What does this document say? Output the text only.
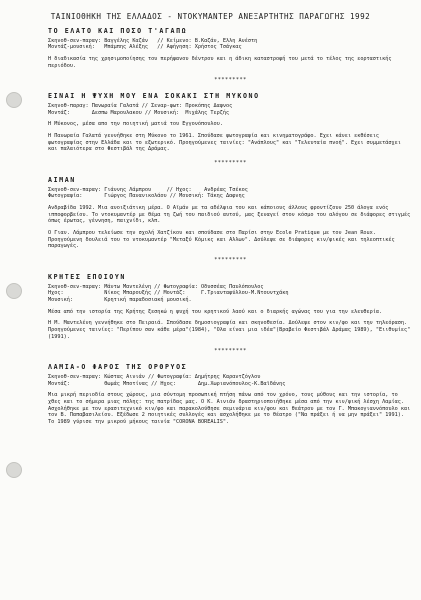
ΤΑΙΝΙΟΘΗΚΗ ΤΗΣ ΕΛΛΑΔΟΣ - ΝΤΟΚΥΜΑΝΤΕΡ ΑΝΕΞΑΡΤΗΤΗΣ ΠΑΡΑΓΩΓΗΣ 1992
ΤΟ ΕΛΑΤΟ ΚΑΙ ΠΟΣΟ Τ'ΑΓΑΠΩ
Σκηνοθ-σεν-παραγ: Βαγγέλης Καζάν   // Κείμενο: Β.Καζάν, Ελλη Ανέστη
Μοντάζ-μουσική:   Μπάμπης Αλέξης   // Αφήγηση: Χρήστος Τσάγκας
Η διαδικασία της χρησιμοποίησης του περήφανου δέντρου και η άδικη καταστροφή του μετά το τέλος της εορταστικής περιόδου.
*********
ΕΙΝΑΙ Η ΨΥΧΗ ΜΟΥ ΕΝΑ ΣΟΚΑΚΙ ΣΤΗ ΜΥΚΟΝΟ
Σκηνοθ-παραγ: Πανωραία Γαλατά // Σεναρ-φωτ: Προκόπης Δαφνος
Μοντάζ:       Δεσπω Μαρουλακου // Μουσική:  Μιχάλης Τερζής
Η Μύκονος, μέσα απο την ποιητική ματιά του Εγγονόπουλου.
Η Πανωραία Γαλατά γεννήθηκε στη Μύκονο το 1961. Σπούδασε φωτογραφία και κινηματογράφο. Εχει κάνει εκθέσεις φωτογραφίας στην Ελλάδα και το εξωτερικό. Προηγούμενες ταινίες: "Ανάπλους" και "Τελευταία πνοή". Εχει συμμετάσχει και παλαιότερα στο Φεστιβάλ της Δράμας.
*********
ΑΙΜΑΝ
Σκηνοθ-σεν-παραγ: Γιάννης Λάμπρου     // Ηχος:    Ανδρέας Τσέκος
Φωτογραφία:       Γιώργος Πανανικολάου // Μουσική: Τάκης Δαφνης
Ανδραβίδα 1992. Μια ανοιξιάτικη μέρα. Ο Αϊμάν με τα αδέλφια του και κάποιους άλλους φροντίζουν 250 άλογα ενός ιπποφορβείου. Το ντοκυμαντέρ με θέμα τη ζωή του παιδιού αυτού, μας ξεναγεί στον κόσμο του αλόγου σε διάφορες στιγμές όπως έρωτας, γέννηση, παιχνίδι, κλπ.
Ο Γιαν. Λάμπρου τελείωσε την σχολή Χατζίκου και σπούδασε στο Παρίσι στην Ecole Pratique με τον Jean Roux. Προηγούμενη δουλειά του το ντοκυμαντέρ "Μεταξύ Κόμικς και Αλλων". Δούλεψε σε διάφορες κιν/φικές και τηλεοπτικές παραγωγές.
*********
ΚΡΗΤΕΣ ΕΠΟΙΟΥΝ
Σκηνοθ-σεν-παραγ: Μάντω Μαντελένη // Φωτογραφία: Οδυσσέας Παυλόπουλος
Ηχος:             Νίκος Μπαρουξής // Μοντάζ:     Γ.Τριανταφύλλου-Μ.Ντουντχάκη
Μουσική:          Κρητική παραδοσιακή μουσική.
Μέσα από την ιστορία της Κρήτης ξεσηκώ η ψυχή του κρητικού λαού και ο διαρκής αγώνας του για την ελευθερία.
Η Μ. Μαντελένη γεννήθηκε στο Πειραιά. Σπούδασε δημοσιογραφία και σκηνοθεσία. Δούλεψε στον κιν/φο και την τηλεόραση. Προηγούμενες ταινίες: "Περίπου σαν κάθε μέρα"(1984), "Ολα είναι μια ιδέα"(Βραβείο Φεστιβάλ Δράμας 1989), "Ειιθυμίες"(1991).
*********
ΛΑΜΙΑ-Ο ΦΑΡΟΣ ΤΗΣ ΟΡΘΡΥΟΣ
Σκηνοθ-σεν-παραγ: Κώστας Αινιάν // Φωτογραφία: Δημήτρης Καραντζόγλου
Μοντάζ:           Θωμάς Μποτίνας // Ηχος:       Δημ.Χωριανόπουλος-Κ.Βαϊδάνης
Μια μικρή περιοδία στους χώρους, μια σύντομη προσωπική πτήση πάνω από τον χρόνο, τους μύθους και την ιστορία, το χθες και το σήμερα μιας πόλης: της πατρίδας μας. Ο Κ. Αινιάν δραστηριοποιήθηκε μέσα από την κιν/φική λέσχη Λαμίας. Ασχολήθηκε με τον ερασιτεχνικό κιν/φο και παρακολούθησε σεμινάρια κιν/φου και θεάτρου με τον Γ. Μπακογιαννόπουλο και τον Β. Παπαβασιλείου. Εξέδωσε 2 ποιητικές συλλογές και ασχολήθηκε με το θέατρο ("Να πράξει ή να μην πράξει" 1991). Το 1989 γύρισε την μικρού μήκους ταινία "CORONA BOREALIS".
